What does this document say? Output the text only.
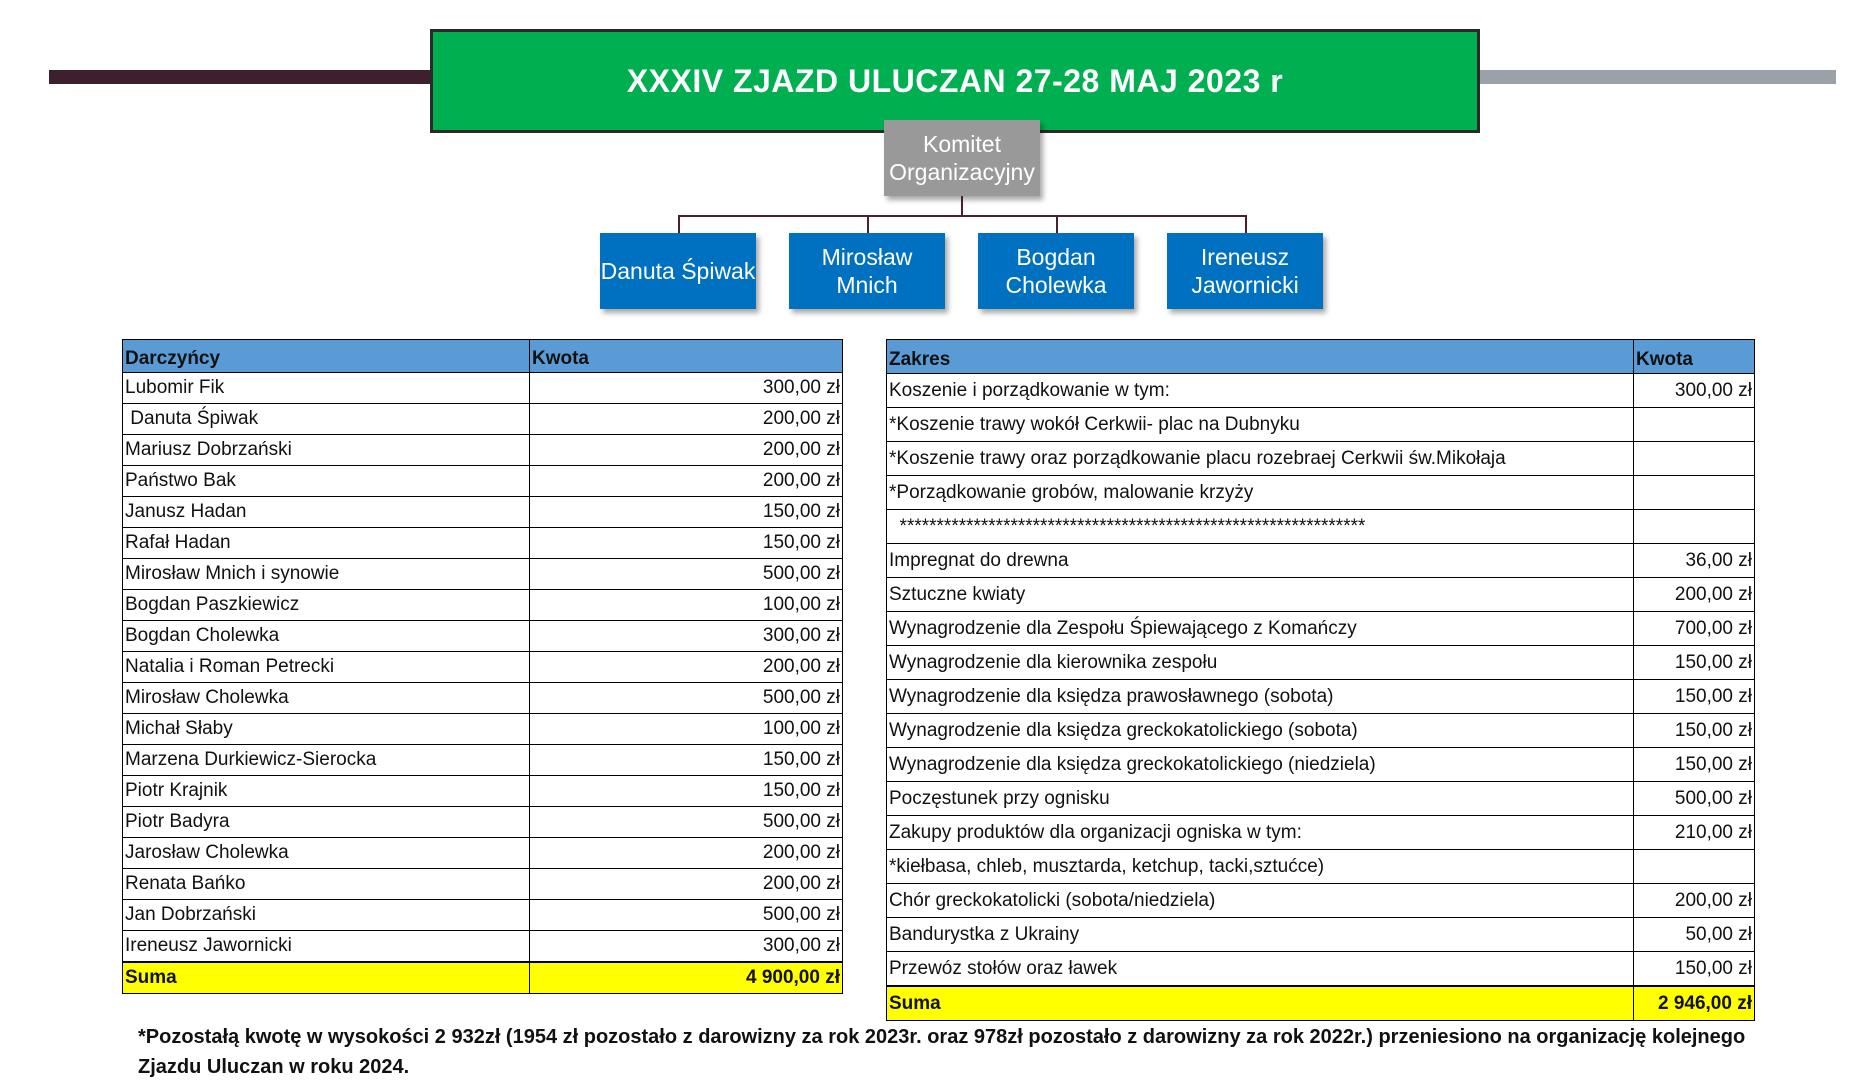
XXXIV ZJAZD ULUCZAN 27-28 MAJ 2023 r
Komitet Organizacyjny
Danuta Śpiwak
Mirosław Mnich
Bogdan Cholewka
Ireneusz Jawornicki
Darczyńcy	Kwota
Lubomir Fik	300,00 zł
Danuta Śpiwak	200,00 zł
Mariusz Dobrzański	200,00 zł
Państwo Bak	200,00 zł
Janusz Hadan	150,00 zł
Rafał Hadan	150,00 zł
Mirosław Mnich i synowie	500,00 zł
Bogdan Paszkiewicz	100,00 zł
Bogdan Cholewka	300,00 zł
Natalia i Roman Petrecki	200,00 zł
Mirosław Cholewka	500,00 zł
Michał Słaby	100,00 zł
Marzena Durkiewicz-Sierocka	150,00 zł
Piotr Krajnik	150,00 zł
Piotr Badyra	500,00 zł
Jarosław Cholewka	200,00 zł
Renata Bańko	200,00 zł
Jan Dobrzański	500,00 zł
Ireneusz Jawornicki	300,00 zł
Suma	4 900,00 zł
Zakres	Kwota
Koszenie i porządkowanie w tym:	300,00 zł
*Koszenie trawy wokół Cerkwii- plac na Dubnyku	
*Koszenie trawy oraz porządkowanie placu rozebraej Cerkwii św.Mikołaja	
*Porządkowanie grobów, malowanie krzyży	
***************************************************************	
Impregnat do drewna	36,00 zł
Sztuczne kwiaty	200,00 zł
Wynagrodzenie dla Zespołu Śpiewającego z Komańczy	700,00 zł
Wynagrodzenie dla kierownika zespołu	150,00 zł
Wynagrodzenie dla księdza prawosławnego (sobota)	150,00 zł
Wynagrodzenie dla księdza greckokatolickiego (sobota)	150,00 zł
Wynagrodzenie dla księdza greckokatolickiego (niedziela)	150,00 zł
Poczęstunek przy ognisku	500,00 zł
Zakupy produktów dla organizacji ogniska w tym:	210,00 zł
*kiełbasa, chleb, musztarda, ketchup, tacki,sztućce)	
Chór greckokatolicki (sobota/niedziela)	200,00 zł
Bandurystka z Ukrainy	50,00 zł
Przewóz stołów oraz ławek	150,00 zł
Suma	2 946,00 zł
*Pozostałą kwotę w wysokości 2 932zł (1954 zł pozostało z darowizny za rok 2023r. oraz 978zł pozostało z darowizny za rok 2022r.) przeniesiono na organizację kolejnego Zjazdu Uluczan w roku 2024.
